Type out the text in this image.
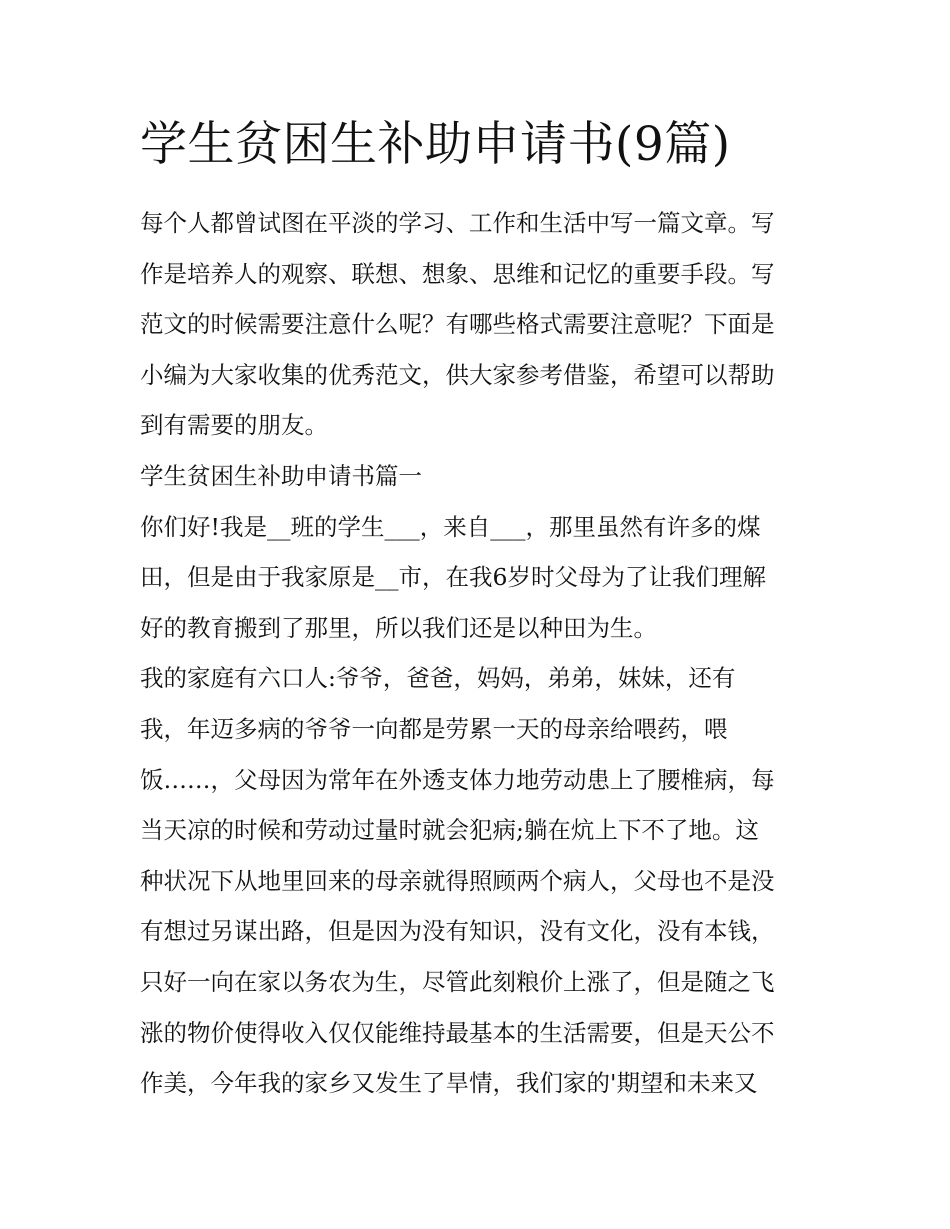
学生贫困生补助申请书(9篇)
每个人都曾试图在平淡的学习、工作和生活中写一篇文章。写
作是培养人的观察、联想、想象、思维和记忆的重要手段。写
范文的时候需要注意什么呢？有哪些格式需要注意呢？下面是
小编为大家收集的优秀范文，供大家参考借鉴，希望可以帮助
到有需要的朋友。
学生贫困生补助申请书篇一
你们好!我是__班的学生___，来自___，那里虽然有许多的煤
田，但是由于我家原是__市，在我6岁时父母为了让我们理解
好的教育搬到了那里，所以我们还是以种田为生。
我的家庭有六口人:爷爷，爸爸，妈妈，弟弟，妹妹，还有
我，年迈多病的爷爷一向都是劳累一天的母亲给喂药，喂
饭……，父母因为常年在外透支体力地劳动患上了腰椎病，每
当天凉的时候和劳动过量时就会犯病;躺在炕上下不了地。这
种状况下从地里回来的母亲就得照顾两个病人，父母也不是没
有想过另谋出路，但是因为没有知识，没有文化，没有本钱，
只好一向在家以务农为生，尽管此刻粮价上涨了，但是随之飞
涨的物价使得收入仅仅能维持最基本的生活需要，但是天公不
作美，今年我的家乡又发生了旱情，我们家的'期望和未来又
